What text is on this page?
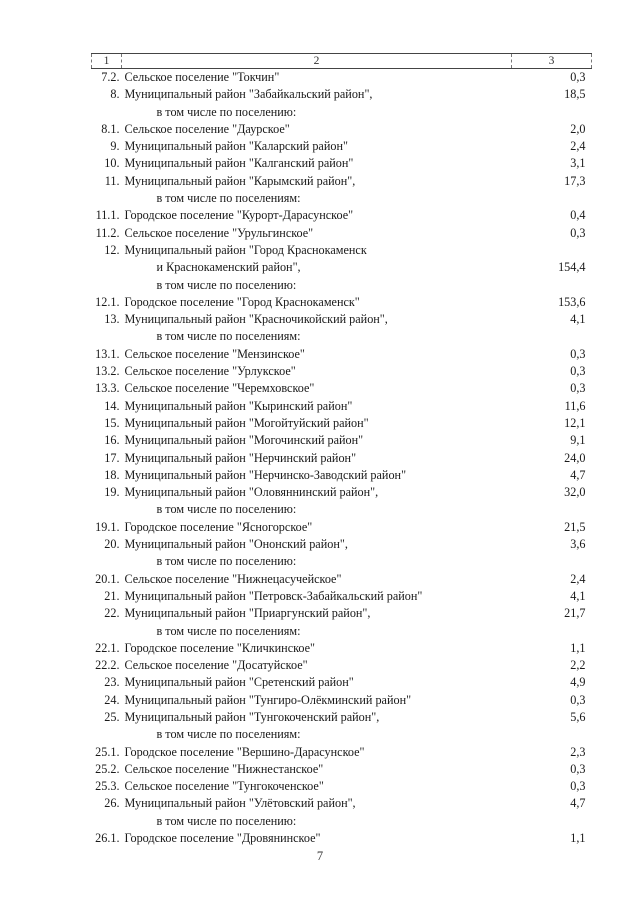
1	2	3
7.2.	Сельское поселение "Токчин"	0,3
8.	Муниципальный район "Забайкальский район",	18,5
	в том числе по поселению:	
8.1.	Сельское поселение "Даурское"	2,0
9.	Муниципальный район "Каларский район"	2,4
10.	Муниципальный район "Калганский район"	3,1
11.	Муниципальный район "Карымский район",	17,3
	в том числе по поселениям:	
11.1.	Городское поселение "Курорт-Дарасунское"	0,4
11.2.	Сельское поселение "Урульгинское"	0,3
12.	Муниципальный район "Город Краснокаменск	
	и Краснокаменский район",	154,4
	в том числе по поселению:	
12.1.	Городское поселение "Город Краснокаменск"	153,6
13.	Муниципальный район "Красночикойский район",	4,1
	в том числе по поселениям:	
13.1.	Сельское поселение "Мензинское"	0,3
13.2.	Сельское поселение "Урлукское"	0,3
13.3.	Сельское поселение "Черемховское"	0,3
14.	Муниципальный район "Кыринский район"	11,6
15.	Муниципальный район "Могойтуйский район"	12,1
16.	Муниципальный район "Могочинский район"	9,1
17.	Муниципальный район "Нерчинский район"	24,0
18.	Муниципальный район "Нерчинско-Заводский район"	4,7
19.	Муниципальный район "Оловяннинский район",	32,0
	в том числе по поселению:	
19.1.	Городское поселение "Ясногорское"	21,5
20.	Муниципальный район "Ононский район",	3,6
	в том числе по поселению:	
20.1.	Сельское поселение "Нижнецасучейское"	2,4
21.	Муниципальный район "Петровск-Забайкальский район"	4,1
22.	Муниципальный район "Приаргунский район",	21,7
	в том числе по поселениям:	
22.1.	Городское поселение "Кличкинское"	1,1
22.2.	Сельское поселение "Досатуйское"	2,2
23.	Муниципальный район "Сретенский район"	4,9
24.	Муниципальный район "Тунгиро-Олёкминский район"	0,3
25.	Муниципальный район "Тунгокоченский район",	5,6
	в том числе по поселениям:	
25.1.	Городское поселение "Вершино-Дарасунское"	2,3
25.2.	Сельское поселение "Нижнестанское"	0,3
25.3.	Сельское поселение "Тунгокоченское"	0,3
26.	Муниципальный район "Улётовский район",	4,7
	в том числе по поселению:	
26.1.	Городское поселение "Дровянинское"	1,1
7
